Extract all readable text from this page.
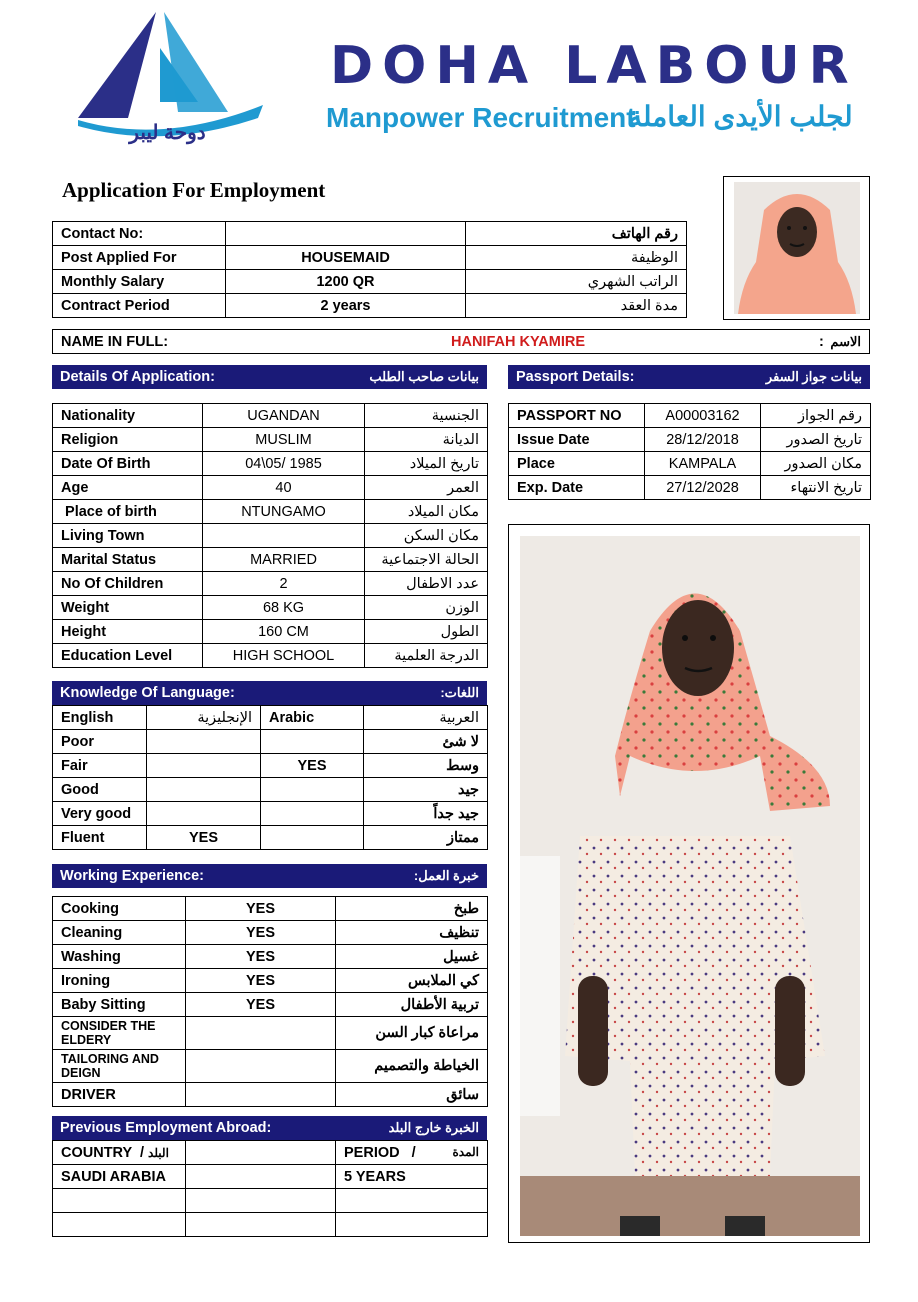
دوحة ليبر
DOHA LABOUR
Manpower Recruitment
لجلب الأيدى العاملة
Application For Employment
Contact No:		رقم الهاتف
Post Applied For	HOUSEMAID	الوظيفة
Monthly Salary	1200 QR	الراتب الشهري
Contract Period	2 years	مدة العقد
NAME IN FULL:	HANIFAH KYAMIRE	: الاسم
Details Of Application:	بيانات صاحب الطلب	Passport Details:	بيانات جواز السفر
Nationality	UGANDAN	الجنسية
Religion	MUSLIM	الديانة
Date Of Birth	04\05/ 1985	تاريخ الميلاد
Age	40	العمر
Place of birth	NTUNGAMO	مكان الميلاد
Living Town		مكان السكن
Marital Status	MARRIED	الحالة الاجتماعية
No Of Children	2	عدد الاطفال
Weight	68 KG	الوزن
Height	160 CM	الطول
Education Level	HIGH SCHOOL	الدرجة العلمية
PASSPORT NO	A00003162	رقم الجواز
Issue Date	28/12/2018	تاريخ الصدور
Place	KAMPALA	مكان الصدور
Exp. Date	27/12/2028	تاريخ الانتهاء
Knowledge Of Language:	اللغات:
English	الإنجليزية	Arabic	العربية
Poor			لا شئ
Fair		YES	وسط
Good			جيد
Very good			جيد جداً
Fluent	YES		ممتاز
Working Experience:	خبرة العمل:
Cooking	YES	طبخ
Cleaning	YES	تنظيف
Washing	YES	غسيل
Ironing	YES	كي الملابس
Baby Sitting	YES	تربية الأطفال
CONSIDER THE ELDERY		مراعاة كبار السن
TAILORING AND DEIGN		الخياطة والتصميم
DRIVER		سائق
Previous Employment Abroad:	الخبرة خارج البلد
COUNTRY  / البلد		PERIOD   / المدة

SAUDI ARABIA		5 YEARS
